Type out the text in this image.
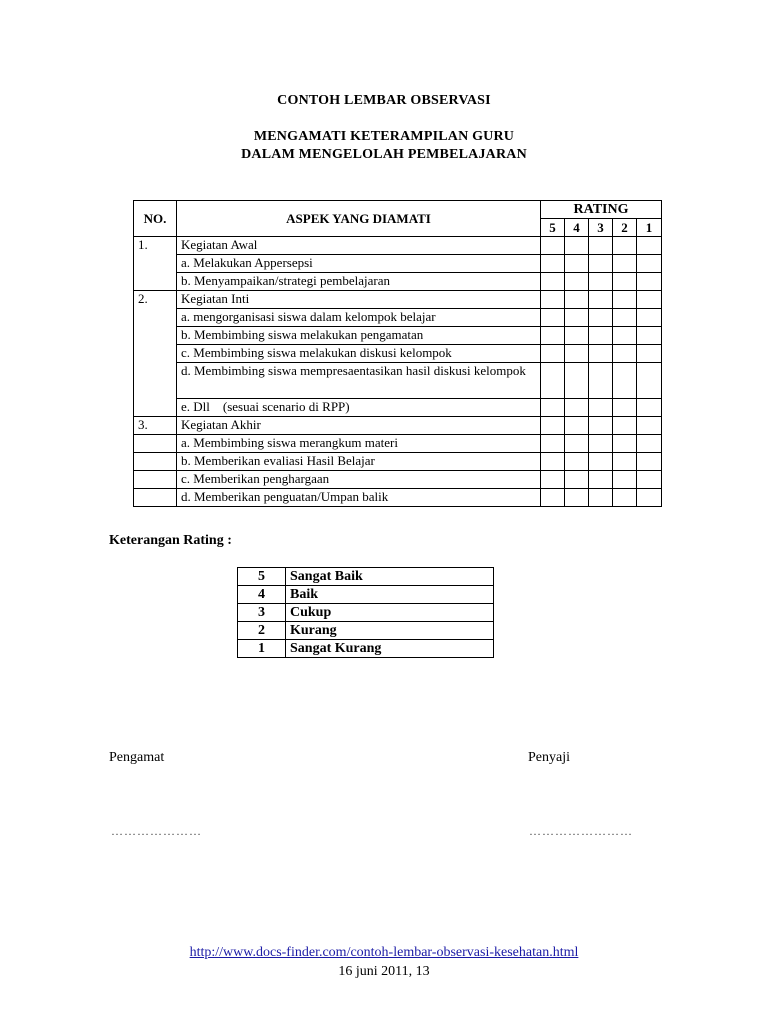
CONTOH LEMBAR OBSERVASI
MENGAMATI KETERAMPILAN GURU
DALAM MENGELOLAH PEMBELAJARAN
NO.	ASPEK YANG DIAMATI	RATING				
		5	4	3	2	1
1.	Kegiatan Awal					
	a. Melakukan Appersepsi					
	b. Menyampaikan/strategi pembelajaran					
2.	Kegiatan Inti					
	a. mengorganisasi siswa dalam kelompok belajar					
	b. Membimbing siswa melakukan pengamatan					
	c. Membimbing siswa melakukan diskusi kelompok					
	d. Membimbing siswa mempresaentasikan hasil diskusi kelompok					
	e. Dll    (sesuai scenario di RPP)					
3.	Kegiatan Akhir					
	a. Membimbing siswa merangkum materi					
	b. Memberikan evaliasi Hasil Belajar					
	c. Memberikan penghargaan					
	d. Memberikan penguatan/Umpan balik					
Keterangan Rating :
5	Sangat Baik
4	Baik
3	Cukup
2	Kurang
1	Sangat Kurang
Pengamat	Penyaji
…………………	……………………
http://www.docs-finder.com/contoh-lembar-observasi-kesehatan.html
16 juni 2011, 13
